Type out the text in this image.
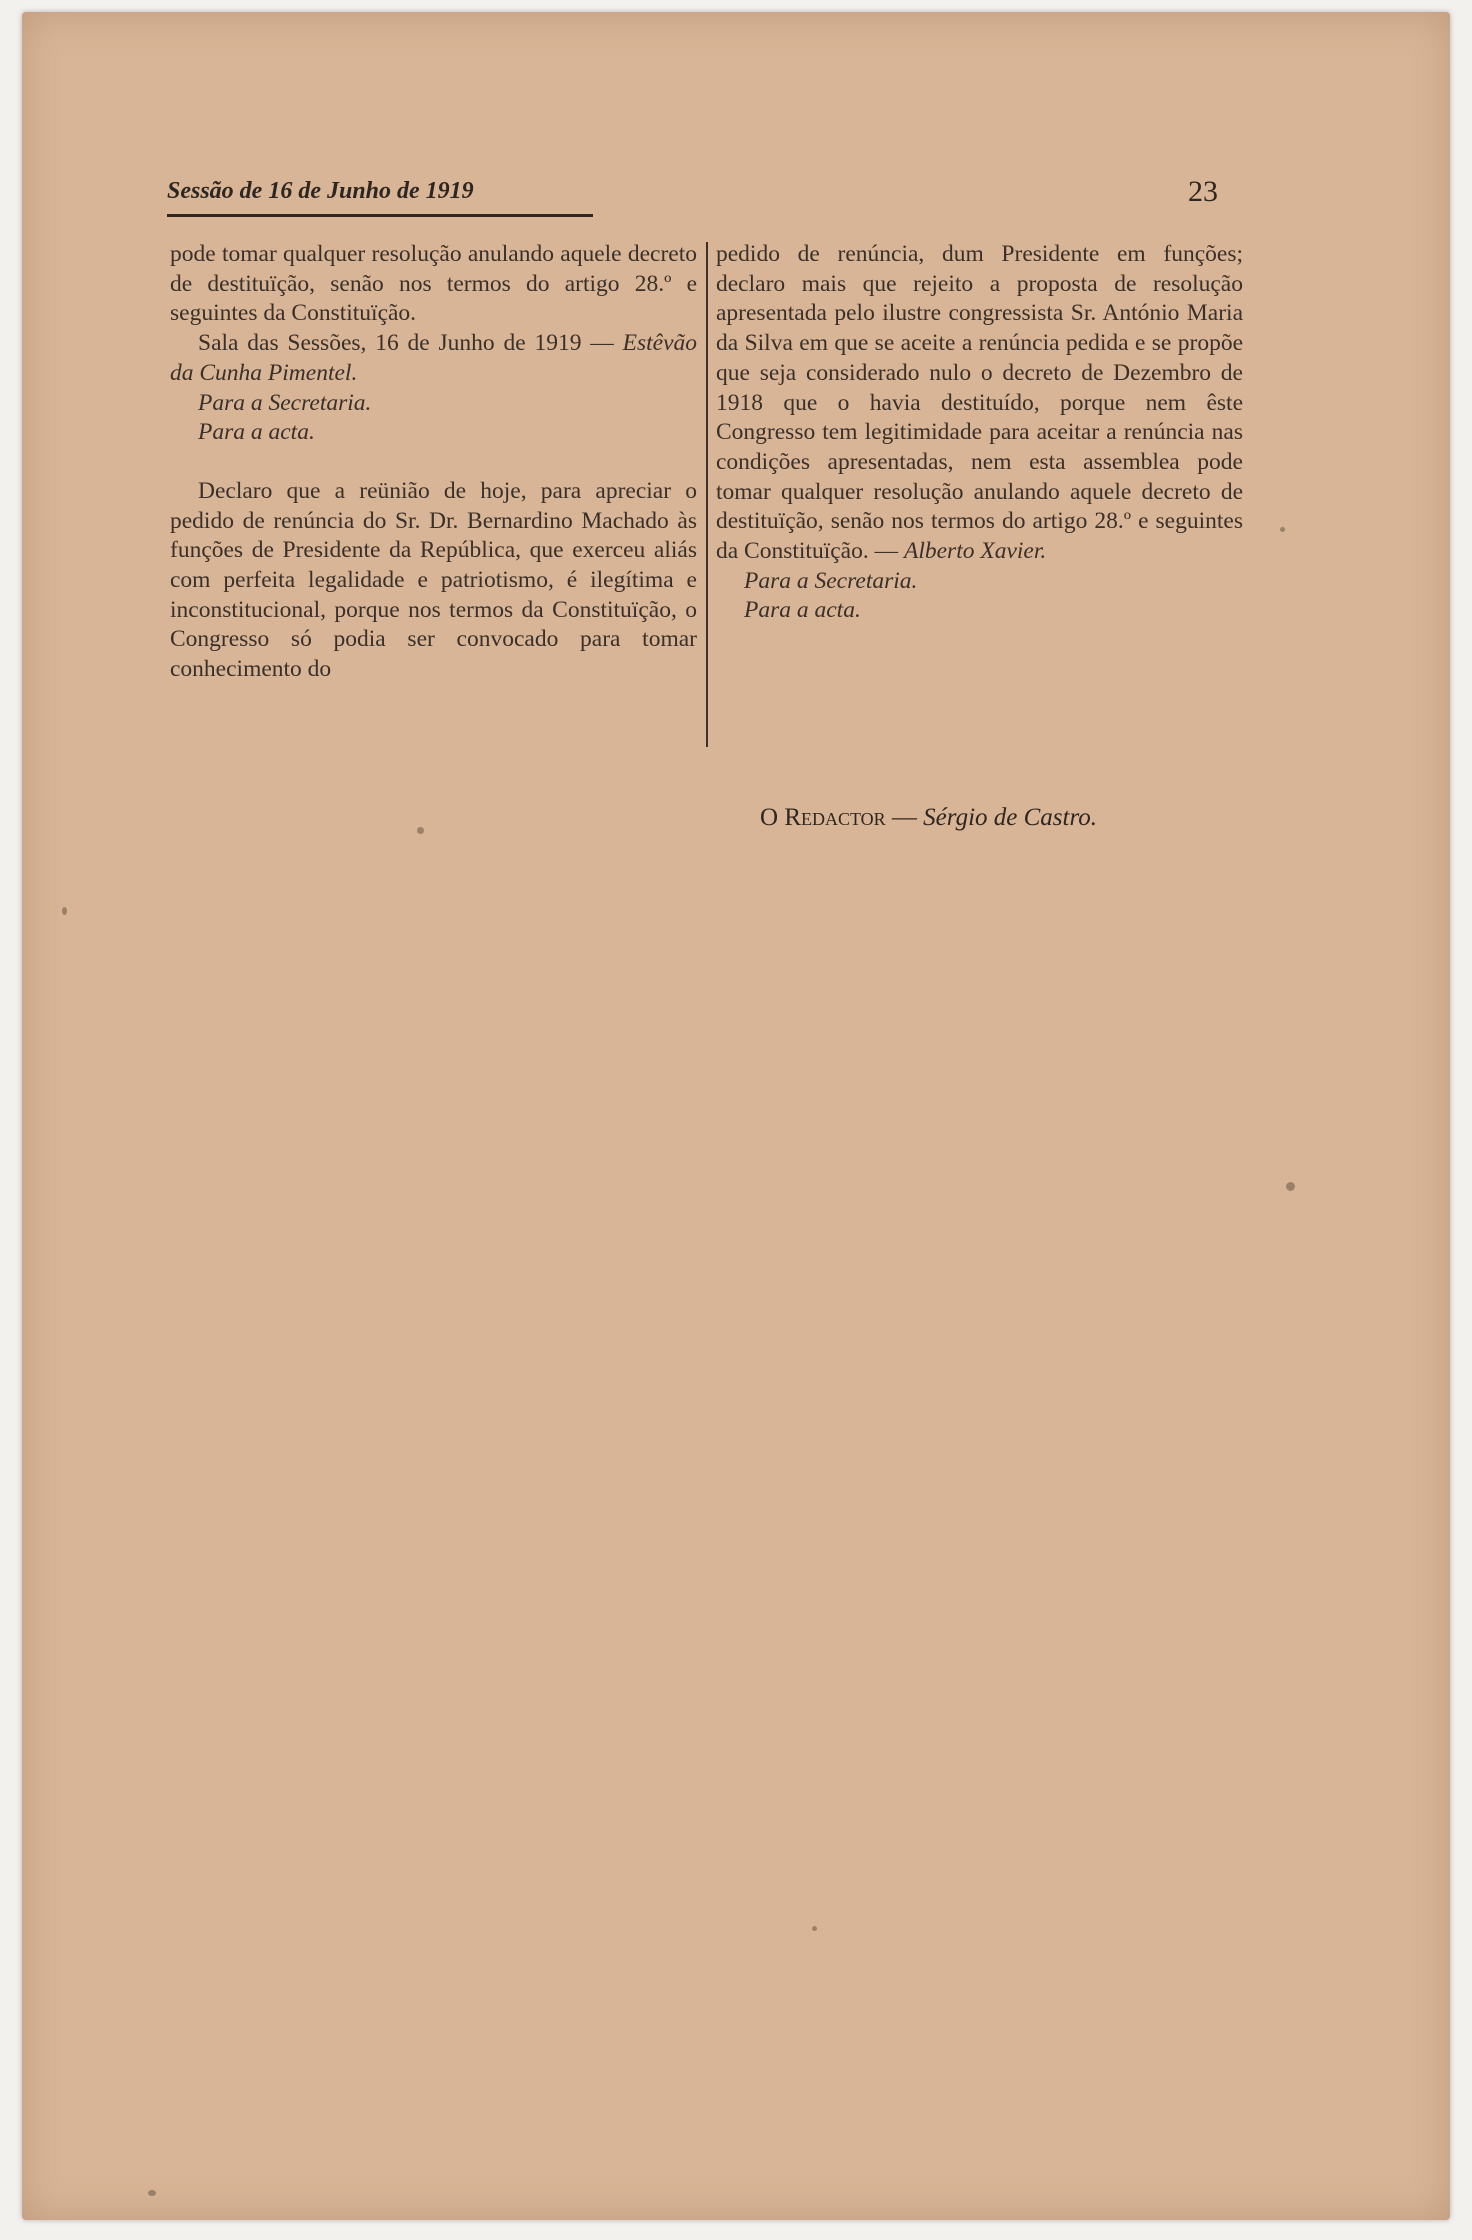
Sessão de 16 de Junho de 1919	23

pode tomar qualquer resolução anulando aquele decreto de destituïção, senão nos termos do artigo 28.º e seguintes da Constituïção.

Sala das Sessões, 16 de Junho de 1919 — Estêvão da Cunha Pimentel.

Para a Secretaria.

Para a acta.

Declaro que a reünião de hoje, para apreciar o pedido de renúncia do Sr. Dr. Bernardino Machado às funções de Presidente da República, que exerceu aliás com perfeita legalidade e patriotismo, é ilegítima e inconstitucional, porque nos termos da Constituïção, o Congresso só podia ser convocado para tomar conhecimento do

pedido de renúncia, dum Presidente em funções; declaro mais que rejeito a proposta de resolução apresentada pelo ilustre congressista Sr. António Maria da Silva em que se aceite a renúncia pedida e se propõe que seja considerado nulo o decreto de Dezembro de 1918 que o havia destituído, porque nem êste Congresso tem legitimidade para aceitar a renúncia nas condições apresentadas, nem esta assemblea pode tomar qualquer resolução anulando aquele decreto de destituïção, senão nos termos do artigo 28.º e seguintes da Constituïção. — Alberto Xavier.

Para a Secretaria.

Para a acta.

O Redactor — Sérgio de Castro.
